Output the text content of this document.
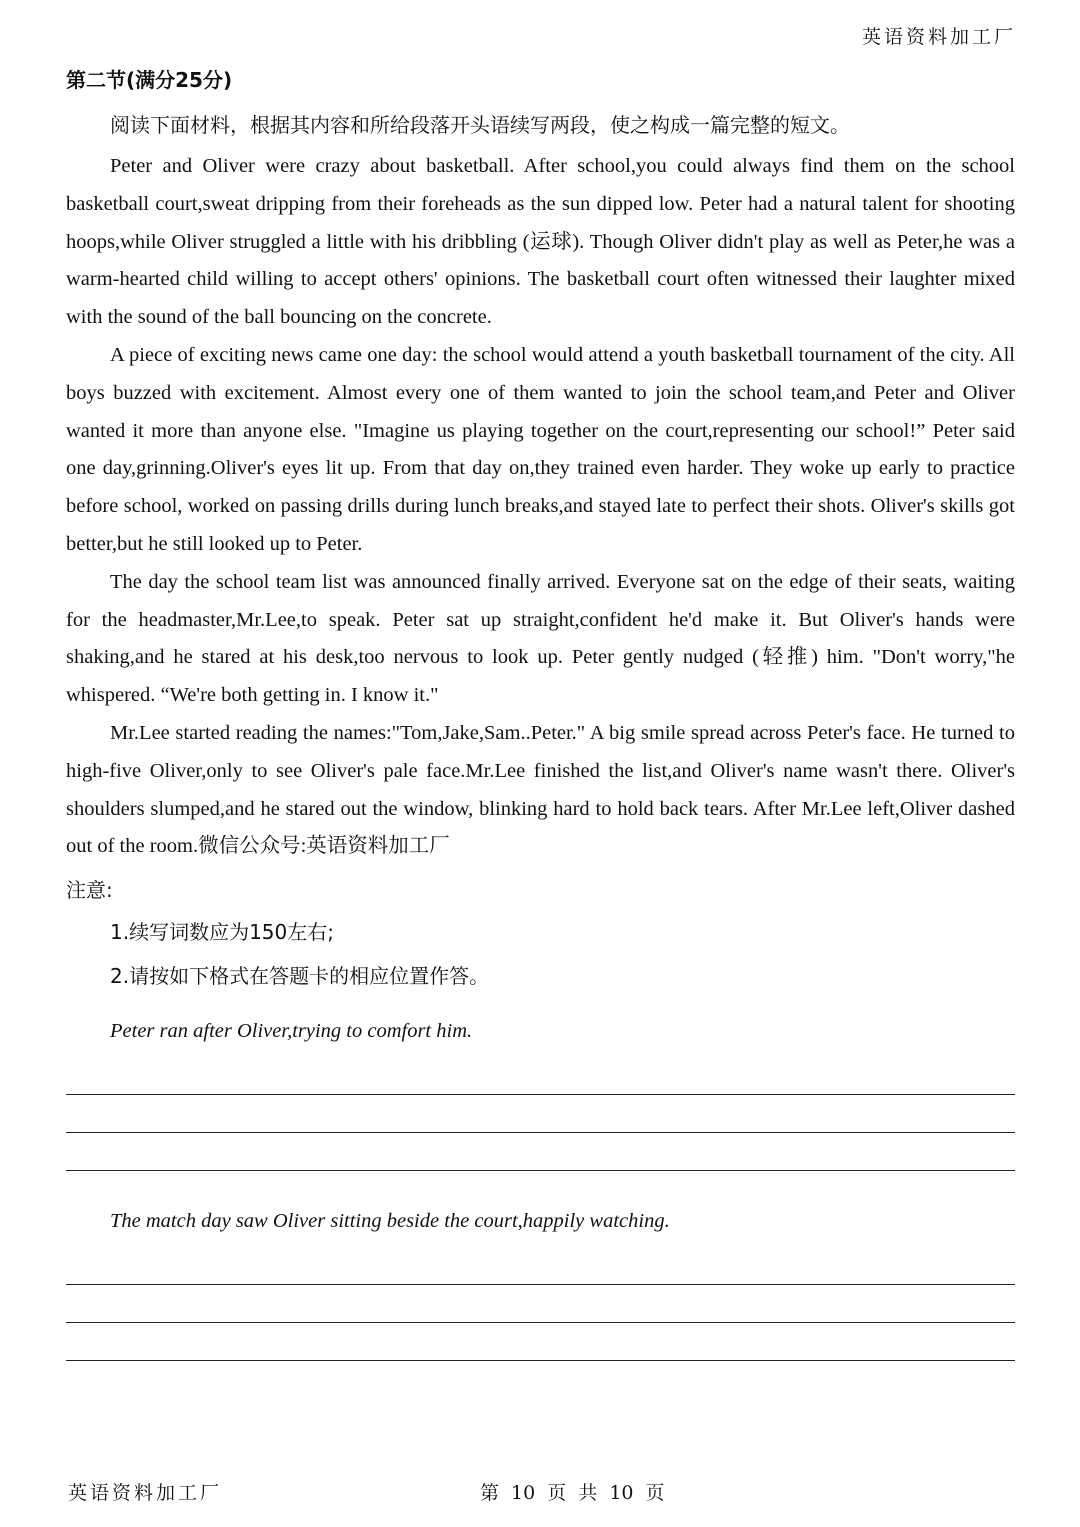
英语资料加工厂
第二节(满分25分)
阅读下面材料，根据其内容和所给段落开头语续写两段，使之构成一篇完整的短文。

Peter and Oliver were crazy about basketball. After school,you could always find them on the school basketball court,sweat dripping from their foreheads as the sun dipped low. Peter had a natural talent for shooting hoops,while Oliver struggled a little with his dribbling (运球). Though Oliver didn't play as well as Peter,he was a warm-hearted child willing to accept others' opinions. The basketball court often witnessed their laughter mixed with the sound of the ball bouncing on the concrete.

A piece of exciting news came one day: the school would attend a youth basketball tournament of the city. All boys buzzed with excitement. Almost every one of them wanted to join the school team,and Peter and Oliver wanted it more than anyone else. "Imagine us playing together on the court,representing our school!” Peter said one day,grinning.Oliver's eyes lit up. From that day on,they trained even harder. They woke up early to practice before school, worked on passing drills during lunch breaks,and stayed late to perfect their shots. Oliver's skills got better,but he still looked up to Peter.

The day the school team list was announced finally arrived. Everyone sat on the edge of their seats, waiting for the headmaster,Mr.Lee,to speak. Peter sat up straight,confident he'd make it. But Oliver's hands were shaking,and he stared at his desk,too nervous to look up. Peter gently nudged (轻推) him. "Don't worry,"he whispered. “We're both getting in. I know it."

Mr.Lee started reading the names:"Tom,Jake,Sam..Peter." A big smile spread across Peter's face. He turned to high-five Oliver,only to see Oliver's pale face.Mr.Lee finished the list,and Oliver's name wasn't there. Oliver's shoulders slumped,and he stared out the window, blinking hard to hold back tears. After Mr.Lee left,Oliver dashed out of the room.微信公众号:英语资料加工厂

注意:
1.续写词数应为150左右;
2.请按如下格式在答题卡的相应位置作答。
Peter ran after Oliver,trying to comfort him.
The match day saw Oliver sitting beside the court,happily watching.
英语资料加工厂	第 10 页 共 10 页
